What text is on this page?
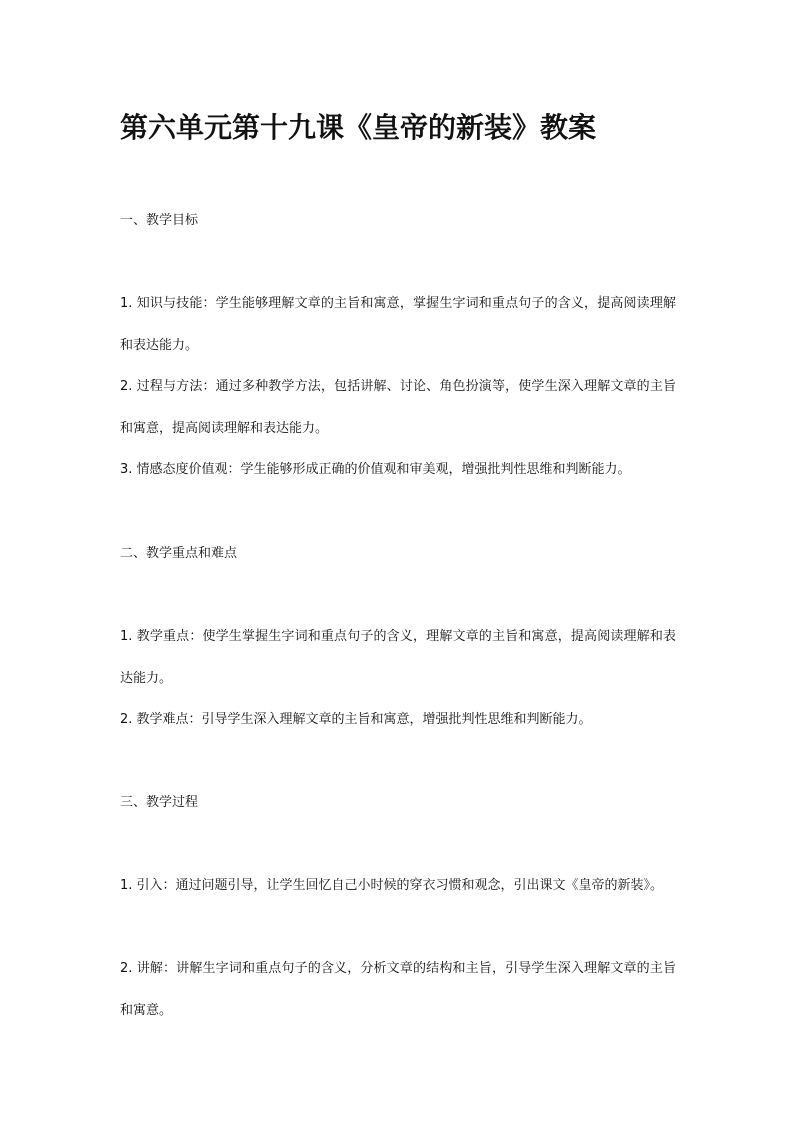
第六单元第十九课《皇帝的新装》教案
一、教学目标
1. 知识与技能：学生能够理解文章的主旨和寓意，掌握生字词和重点句子的含义，提高阅读理解和表达能力。
2. 过程与方法：通过多种教学方法，包括讲解、讨论、角色扮演等，使学生深入理解文章的主旨和寓意，提高阅读理解和表达能力。
3. 情感态度价值观：学生能够形成正确的价值观和审美观，增强批判性思维和判断能力。
二、教学重点和难点
1. 教学重点：使学生掌握生字词和重点句子的含义，理解文章的主旨和寓意，提高阅读理解和表达能力。
2. 教学难点：引导学生深入理解文章的主旨和寓意，增强批判性思维和判断能力。
三、教学过程
1. 引入：通过问题引导，让学生回忆自己小时候的穿衣习惯和观念，引出课文《皇帝的新装》。
2. 讲解：讲解生字词和重点句子的含义，分析文章的结构和主旨，引导学生深入理解文章的主旨和寓意。
